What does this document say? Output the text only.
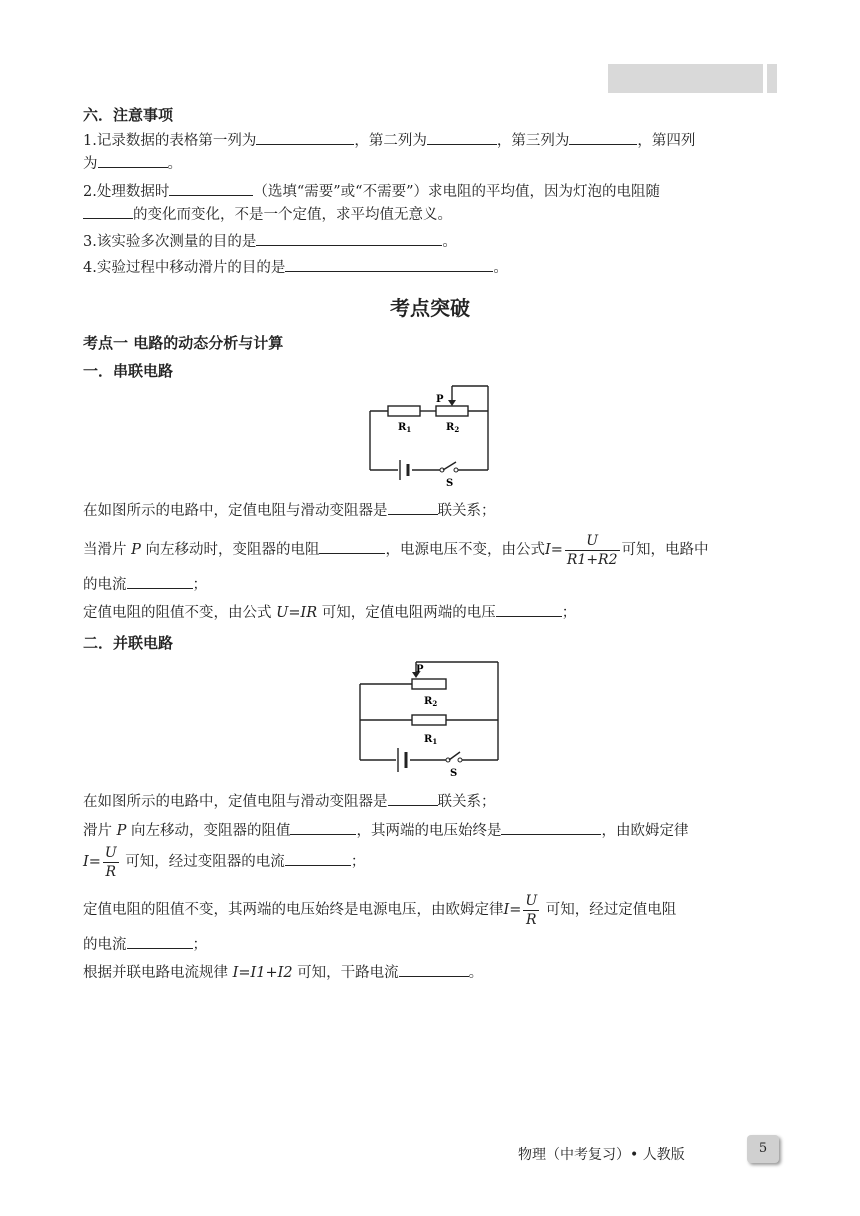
六．注意事项
1.记录数据的表格第一列为	，第二列为	，第三列为	，第四列
为	。
2.处理数据时	（选填“需要”或“不需要”）求电阻的平均值，因为灯泡的电阻随
的变化而变化，不是一个定值，求平均值无意义。
3.该实验多次测量的目的是	。
4.实验过程中移动滑片的目的是	。
考点突破
考点一 电路的动态分析与计算
一．串联电路
P
$R_1$	$R_2$
S
在如图所示的电路中，定值电阻与滑动变阻器是	联关系；
当滑片 P 向左移动时，变阻器的电阻	，电源电压不变，由公式$I= \frac{U}{R1+R2}$ 可知，电路中
的电流	；
定值电阻的阻值不变，由公式 U=IR 可知，定值电阻两端的电压	；
二．并联电路
P
$R_2$
$R_1$
S
在如图所示的电路中，定值电阻与滑动变阻器是	联关系；
滑片 P 向左移动，变阻器的阻值	，其两端的电压始终是	，由欧姆定律
$I= \frac{U}{R}$ 可知，经过变阻器的电流	；
定值电阻的阻值不变，其两端的电压始终是电源电压，由欧姆定律$I= \frac{U}{R}$ 可知，经过定值电阻
的电流	；
根据并联电路电流规律 I=I1+I2 可知，干路电流	。
物理（中考复习）• 人教版	5
